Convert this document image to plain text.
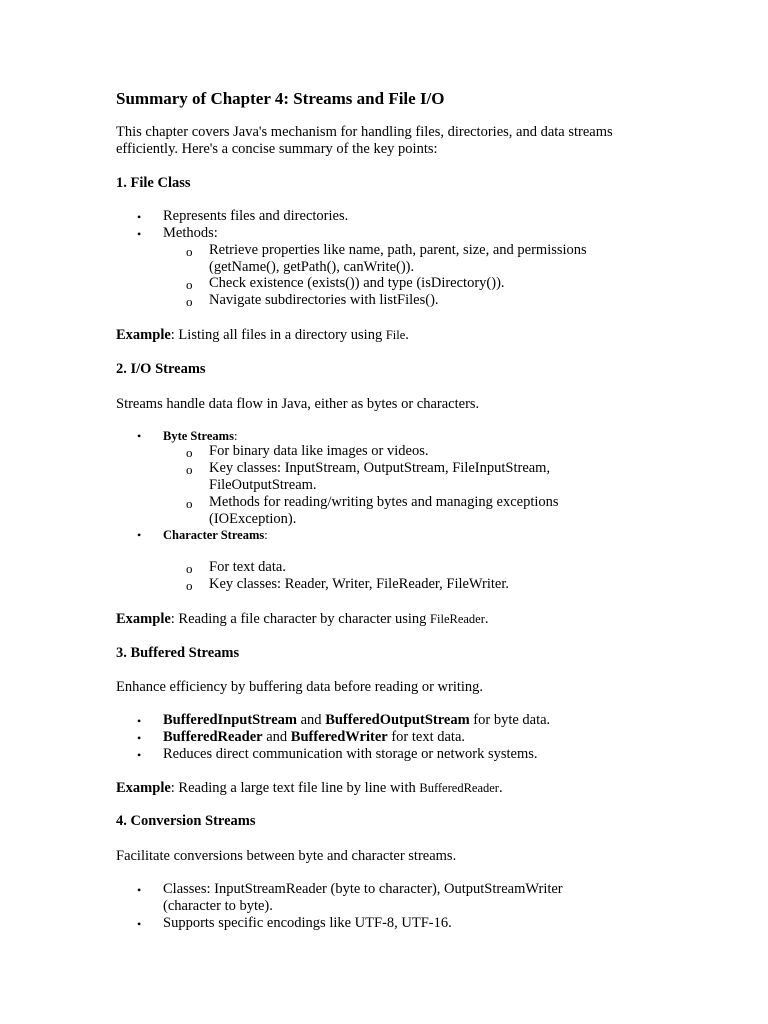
Summary of Chapter 4: Streams and File I/O
This chapter covers Java's mechanism for handling files, directories, and data streams
efficiently. Here's a concise summary of the key points:
1. File Class
• Represents files and directories.
• Methods:
o Retrieve properties like name, path, parent, size, and permissions
(getName(), getPath(), canWrite()).
o Check existence (exists()) and type (isDirectory()).
o Navigate subdirectories with listFiles().
Example: Listing all files in a directory using File.
2. I/O Streams
Streams handle data flow in Java, either as bytes or characters.
• Byte Streams:
o For binary data like images or videos.
o Key classes: InputStream, OutputStream, FileInputStream,
FileOutputStream.
o Methods for reading/writing bytes and managing exceptions
(IOException).
• Character Streams:
o For text data.
o Key classes: Reader, Writer, FileReader, FileWriter.
Example: Reading a file character by character using FileReader.
3. Buffered Streams
Enhance efficiency by buffering data before reading or writing.
• BufferedInputStream and BufferedOutputStream for byte data.
• BufferedReader and BufferedWriter for text data.
• Reduces direct communication with storage or network systems.
Example: Reading a large text file line by line with BufferedReader.
4. Conversion Streams
Facilitate conversions between byte and character streams.
• Classes: InputStreamReader (byte to character), OutputStreamWriter
(character to byte).
• Supports specific encodings like UTF-8, UTF-16.
